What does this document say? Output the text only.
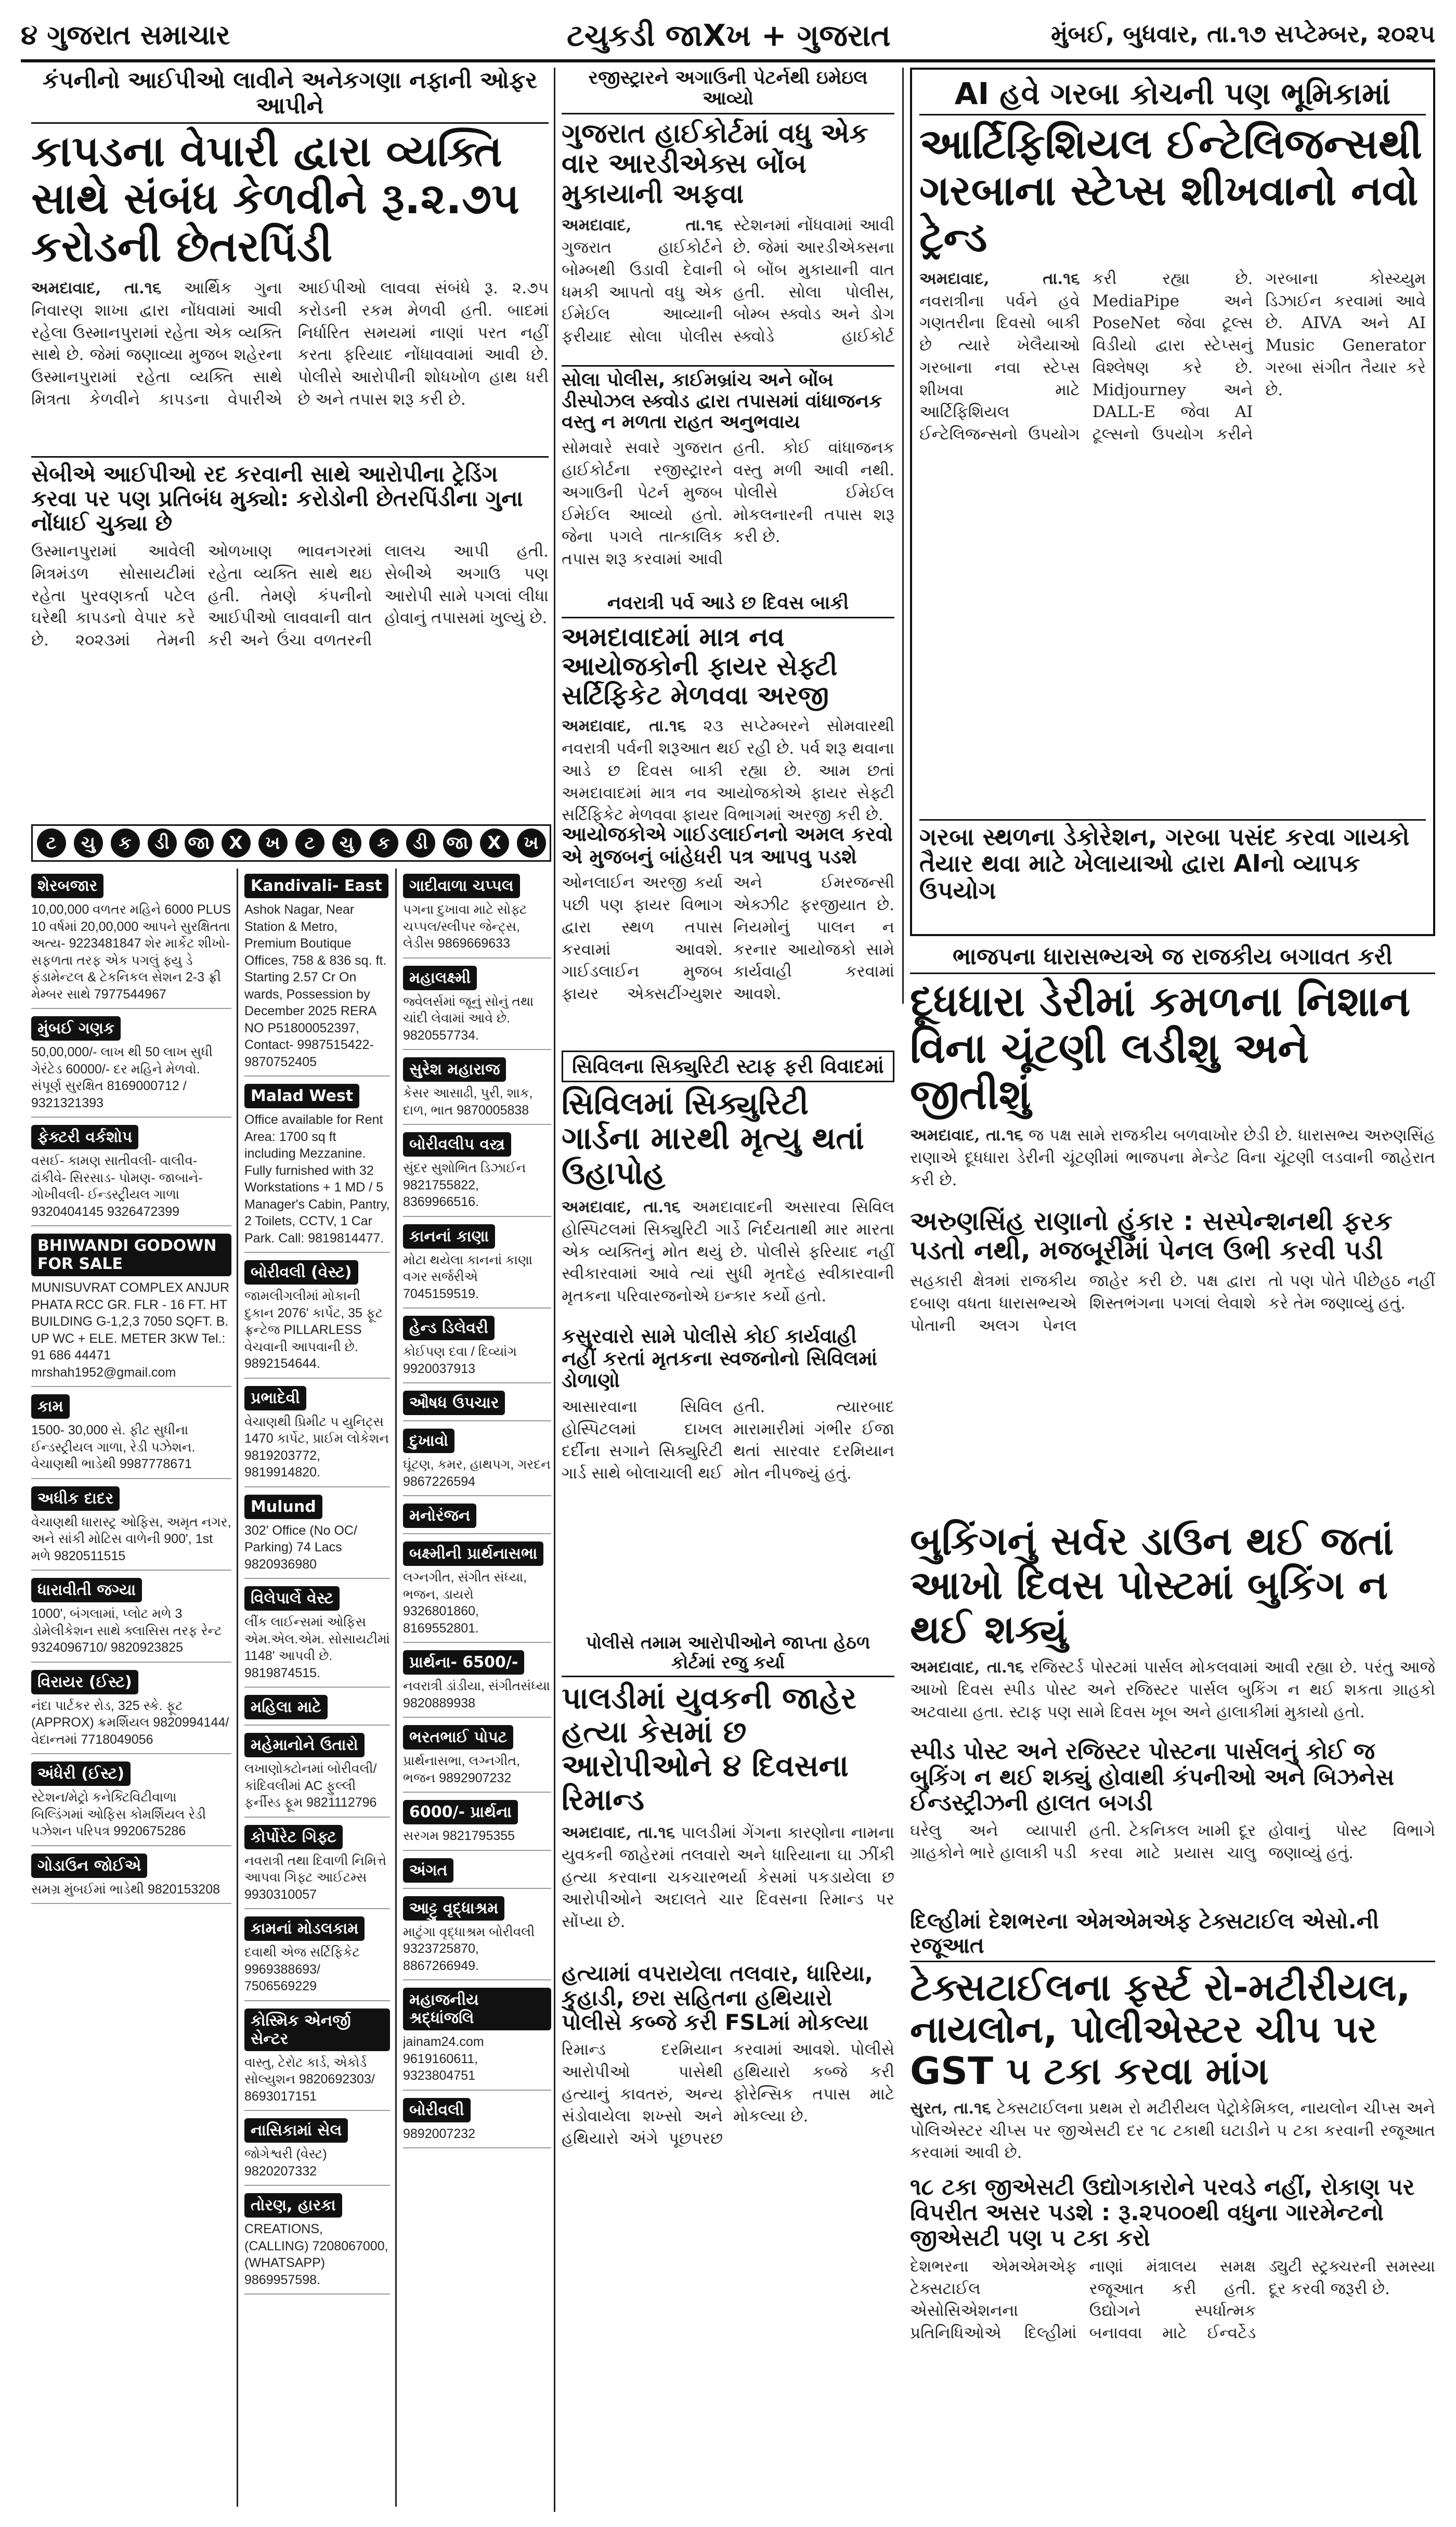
૪ ગુજરાત સમાચાર	ટચુકડી જાXખ + ગુજરાત	મુંબઈ, બુધવાર, તા.૧૭ સપ્ટેમ્બર, ૨૦૨૫
કંપનીનો આઈપીઓ લાવીને અનેકગણા નફાની ઓફર આપીને
કાપડના વેપારી દ્વારા વ્યક્તિ સાથે સંબંધ કેળવીને રૂ.૨.૭૫ કરોડની છેતરપિંડી
અમદાવાદ, તા.૧૬ આર્થિક ગુના નિવારણ શાખા દ્વારા નોંધવામાં આવી રહેલા ઉસ્માનપુરામાં રહેતા એક વ્યક્તિ સાથે છે. જેમાં જણાવ્યા મુજબ શહેરના ઉસ્માનપુરામાં રહેતા વ્યક્તિ સાથે મિત્રતા કેળવીને કાપડના વેપારીએ આઈપીઓ લાવવા સંબંધે રૂ. ૨.૭૫ કરોડની રકમ મેળવી હતી. બાદમાં નિર્ધારિત સમયમાં નાણાં પરત નહીં કરતા ફરિયાદ નોંધાવવામાં આવી છે. પોલીસે આરોપીની શોધખોળ હાથ ધરી છે અને તપાસ શરૂ કરી છે.
સેબીએ આઈપીઓ રદ કરવાની સાથે આરોપીના ટ્રેડિંગ કરવા પર પણ પ્રતિબંધ મુક્યો: કરોડોની છેતરપિંડીના ગુના નોંધાઈ ચુક્યા છે
ઉસ્માનપુરામાં આવેલી મિત્રમંડળ સોસાયટીમાં રહેતા પુરવણકર્તા પટેલ ઘરેથી કાપડનો વેપાર કરે છે. ૨૦૨૩માં તેમની ઓળખાણ ભાવનગરમાં રહેતા વ્યક્તિ સાથે થઇ હતી. તેમણે કંપનીનો આઈપીઓ લાવવાની વાત કરી અને ઉંચા વળતરની લાલચ આપી હતી. સેબીએ અગાઉ પણ આરોપી સામે પગલાં લીધા હોવાનું તપાસમાં ખુલ્યું છે.
રજીસ્ટ્રારને અગાઉની પેટર્નથી ઇમેઇલ આવ્યો
ગુજરાત હાઈકોર્ટમાં વધુ એક વાર આરડીએક્સ બોંબ મુકાયાની અફવા
અમદાવાદ, તા.૧૬ ગુજરાત હાઈકોર્ટને બોમ્બથી ઉડાવી દેવાની ધમકી આપતો વધુ એક ઈમેઈલ આવ્યાની ફરીયાદ સોલા પોલીસ સ્ટેશનમાં નોંધવામાં આવી છે. જેમાં આરડીએક્સના બે બોંબ મુકાયાની વાત હતી. સોલા પોલીસ, બોમ્બ સ્ક્વોડ અને ડોગ સ્ક્વોડે હાઈકોર્ટ
સોલા પોલીસ, કાઈમબ્રાંચ અને બોંબ ડીસ્પોઝલ સ્ક્વોડ દ્વારા તપાસમાં વાંધાજનક વસ્તુ ન મળતા રાહત અનુભવાય
સોમવારે સવારે ગુજરાત હાઈકોર્ટના રજીસ્ટ્રારને અગાઉની પેટર્ન મુજબ ઈમેઈલ આવ્યો હતો. જેના પગલે તાત્કાલિક તપાસ શરૂ કરવામાં આવી હતી. કોઈ વાંધાજનક વસ્તુ મળી આવી નથી. પોલીસે ઈમેઈલ મોકલનારની તપાસ શરૂ કરી છે.
નવરાત્રી પર્વ આડે છ દિવસ બાકી
અમદાવાદમાં માત્ર નવ આયોજકોની ફાયર સેફ્ટી સર્ટિફિકેટ મેળવવા અરજી
અમદાવાદ, તા.૧૬ ૨૩ સપ્ટેમ્બરને સોમવારથી નવરાત્રી પર્વની શરૂઆત થઈ રહી છે. પર્વ શરૂ થવાના આડે છ દિવસ બાકી રહ્યા છે. આમ છતાં અમદાવાદમાં માત્ર નવ આયોજકોએ ફાયર સેફ્ટી સર્ટિફિકેટ મેળવવા ફાયર વિભાગમાં અરજી કરી છે.
આયોજકોએ ગાઈડલાઈનનો અમલ કરવો એ મુજબનું બાંહેધરી પત્ર આપવુ પડશે
ઓનલાઈન અરજી કર્યા પછી પણ ફાયર વિભાગ દ્વારા સ્થળ તપાસ કરવામાં આવશે. ગાઈડલાઈન મુજબ ફાયર એક્સટીંગ્યુશર અને ઈમરજન્સી એક્ઝીટ ફરજીયાત છે. નિયમોનું પાલન ન કરનાર આયોજકો સામે કાર્યવાહી કરવામાં આવશે.
AI હવે ગરબા કોચની પણ ભૂમિકામાં
આર્ટિફિશિયલ ઈન્ટેલિજન્સથી ગરબાના સ્ટેપ્સ શીખવાનો નવો ટ્રેન્ડ
અમદાવાદ, તા.૧૬ નવરાત્રીના પર્વને હવે ગણતરીના દિવસો બાકી છે ત્યારે ખેલૈયાઓ ગરબાના નવા સ્ટેપ્સ શીખવા માટે આર્ટિફિશિયલ ઈન્ટેલિજન્સનો ઉપયોગ કરી રહ્યા છે. MediaPipe અને PoseNet જેવા ટૂલ્સ વિડીયો દ્વારા સ્ટેપ્સનું વિશ્લેષણ કરે છે. Midjourney અને DALL-E જેવા AI ટૂલ્સનો ઉપયોગ કરીને ગરબાના કોસ્ચ્યુમ ડિઝાઈન કરવામાં આવે છે. AIVA અને AI Music Generator ગરબા સંગીત તૈયાર કરે છે.
ગરબા સ્થળના ડેકોરેશન, ગરબા પસંદ કરવા ગાયકો તૈયાર થવા માટે ખેલાયાઓ દ્વારા AIનો વ્યાપક ઉપયોગ
ભાજપના ધારાસભ્યએ જ રાજકીય બગાવત કરી
દૂધધારા ડેરીમાં કમળના નિશાન વિના ચૂંટણી લડીશુ અને જીતીશું
અમદાવાદ, તા.૧૬ જ પક્ષ સામે રાજકીય બળવાખોર છેડી છે. ધારાસભ્ય અરુણસિંહ રાણાએ દૂધધારા ડેરીની ચૂંટણીમાં ભાજપના મેન્ડેટ વિના ચૂંટણી લડવાની જાહેરાત કરી છે.
અરુણસિંહ રાણાનો હુંકાર : સસ્પેન્શનથી ફરક પડતો નથી, મજબૂરીમાં પેનલ ઉભી કરવી પડી
સહકારી ક્ષેત્રમાં રાજકીય દબાણ વધતા ધારાસભ્યએ પોતાની અલગ પેનલ જાહેર કરી છે. પક્ષ દ્વારા શિસ્તભંગના પગલાં લેવાશે તો પણ પોતે પીછેહઠ નહીં કરે તેમ જણાવ્યું હતું.
સિવિલના સિક્યુરિટી સ્ટાફ ફરી વિવાદમાં
સિવિલમાં સિક્યુરિટી ગાર્ડના મારથી મૃત્યુ થતાં ઉહાપોહ
અમદાવાદ, તા.૧૬ અમદાવાદની અસારવા સિવિલ હોસ્પિટલમાં સિક્યુરિટી ગાર્ડે નિર્દયતાથી માર મારતા એક વ્યક્તિનું મોત થયું છે. પોલીસે ફરિયાદ નહીં સ્વીકારવામાં આવે ત્યાં સુધી મૃતદેહ સ્વીકારવાની મૃતકના પરિવારજનોએ ઇન્કાર કર્યો હતો.
કસુરવારો સામે પોલીસે કોઈ કાર્યવાહી નહીં કરતાં મૃતકના સ્વજનોનો સિવિલમાં ડોળાણો
આસારવાના સિવિલ હોસ્પિટલમાં દાખલ દર્દીના સગાને સિક્યુરિટી ગાર્ડ સાથે બોલાચાલી થઈ હતી. ત્યારબાદ મારામારીમાં ગંભીર ઈજા થતાં સારવાર દરમિયાન મોત નીપજ્યું હતું.
પોલીસે તમામ આરોપીઓને જાપ્તા હેઠળ કોર્ટમાં રજુ કર્યા
પાલડીમાં યુવકની જાહેર હત્યા કેસમાં છ આરોપીઓને ૪ દિવસના રિમાન્ડ
અમદાવાદ, તા.૧૬ પાલડીમાં ગેંગના કારણોના નામના યુવકની જાહેરમાં તલવારો અને ધારિયાના ઘા ઝીંકી હત્યા કરવાના ચકચારભર્યા કેસમાં પકડાયેલા છ આરોપીઓને અદાલતે ચાર દિવસના રિમાન્ડ પર સોંપ્યા છે.
હત્યામાં વપરાયેલા તલવાર, ધારિયા, કુહાડી, છરા સહિતના હથિયારો પોલીસે કબ્જે કરી FSLમાં મોકલ્યા
રિમાન્ડ દરમિયાન આરોપીઓ પાસેથી હત્યાનું કાવતરું, અન્ય સંડોવાયેલા શખ્સો અને હથિયારો અંગે પૂછપરછ કરવામાં આવશે. પોલીસે હથિયારો કબ્જે કરી ફોરેન્સિક તપાસ માટે મોકલ્યા છે.
બુકિંગનું સર્વર ડાઉન થઈ જતાં આખો દિવસ પોસ્ટમાં બુકિંગ ન થઈ શક્યું
અમદાવાદ, તા.૧૬ રજિસ્ટર્ડ પોસ્ટમાં પાર્સલ મોકલવામાં આવી રહ્યા છે. પરંતુ આજે આખો દિવસ સ્પીડ પોસ્ટ અને રજિસ્ટર પાર્સલ બુકિંગ ન થઈ શકતા ગ્રાહકો અટવાયા હતા. સ્ટાફ પણ સામે દિવસ ખૂબ અને હાલાકીમાં મુકાયો હતો.
સ્પીડ પોસ્ટ અને રજિસ્ટર પોસ્ટના પાર્સલનું કોઈ જ બુકિંગ ન થઈ શક્યું હોવાથી કંપનીઓ અને બિઝનેસ ઈન્ડસ્ટ્રીઝની હાલત બગડી
ઘરેલુ અને વ્યાપારી ગ્રાહકોને ભારે હાલાકી પડી હતી. ટેકનિકલ ખામી દૂર કરવા માટે પ્રયાસ ચાલુ હોવાનું પોસ્ટ વિભાગે જણાવ્યું હતું.
દિલ્હીમાં દેશભરના એમએમએફ ટેક્સટાઈલ એસો.ની રજૂઆત
ટેક્સટાઈલના ફર્સ્ટ રો-મટીરીયલ, નાયલોન, પોલીએસ્ટર ચીપ પર GST ૫ ટકા કરવા માંગ
સુરત, તા.૧૬ ટેક્સટાઈલના પ્રથમ રો મટીરીયલ પેટ્રોકેમિકલ, નાયલોન ચીપ્સ અને પોલિએસ્ટર ચીપ્સ પર જીએસટી દર ૧૮ ટકાથી ઘટાડીને ૫ ટકા કરવાની રજૂઆત કરવામાં આવી છે.
૧૮ ટકા જીએસટી ઉદ્યોગકારોને પરવડે નહીં, રોકાણ પર વિપરીત અસર પડશે : રૂ.૨૫૦૦થી વધુના ગારમેન્ટનો જીએસટી પણ ૫ ટકા કરો
દેશભરના એમએમએફ ટેક્સટાઈલ એસોસિએશનના પ્રતિનિધિઓએ દિલ્હીમાં નાણાં મંત્રાલય સમક્ષ રજૂઆત કરી હતી. ઉદ્યોગને સ્પર્ધાત્મક બનાવવા માટે ઈન્વર્ટેડ ડ્યુટી સ્ટ્રક્ચરની સમસ્યા દૂર કરવી જરૂરી છે.
ટ	ચુ	ક	ડી	જા	X	ખ	ટ	ચુ	ક	ડી	જા	X	ખ
શેરબજાર
10,00,000 વળતર મહિને 6000 PLUS 10 વર્ષમાં 20,00,000 આપને સુરક્ષિતતા અત્ય- 9223481847 શેર માર્કેટ શીખો- સફળતા તરફ એક પગલું ફ્યુ ડે ફંડામેન્ટલ & ટેકનિકલ સેશન 2-3 ફ્રી મેમ્બર સાથે 7977544967
મુંબઈ ગણક
50,00,000/- લાખ થી 50 લાખ સુધી ગેરંટેડ 60000/- દર મહિને મેળવો. સંપૂર્ણ સુરક્ષિત 8169000712 / 9321321393
ફેક્ટરી વર્કશોપ
વસઈ- કામણ સાતીવલી- વાલીવ- ઢાંકીવે- સિરસાડ- પોમણ- જાબાને- ગોખીવલી- ઈન્ડસ્ટ્રીયલ ગાળા 9320404145 9326472399
BHIWANDI GODOWN FOR SALE
MUNISUVRAT COMPLEX ANJUR PHATA RCC GR. FLR - 16 FT. HT BUILDING G-1,2,3 7050 SQFT. B. UP WC + ELE. METER 3KW Tel.: 91 686 44471 mrshah1952@gmail.com
કામ
1500- 30,000 સે. ફીટ સુધીના ઈન્ડસ્ટ્રીયલ ગાળા, રેડી પઝેશન. વેચાણથી ભાડેથી 9987778671
અધીક દાદર
વેચાણથી ધારાસ્ટ્ર ઓફિસ, અમૃત નગર, અને સાંકી મોટિસ વાળેની 900', 1st મળે 9820511515
ધારાવીતી જગ્યા
1000', બંગલામાં, પ્લોટ મળે 3 ડોમેલીકેશન સાથે ક્લાસિસ તરફ રેન્ટ 9324096710/ 9820923825
વિરાયર (ઈસ્ટ)
નંદા પાર્ટકર રોડ, 325 સ્કે. ફૂટ (APPROX) ક્રમર્શિયલ 9820994144/ વેદાન્તમાં 7718049056
અંધેરી (ઈસ્ટ)
સ્ટેશન/મેટ્રો કનેક્ટિવિટીવાળા બિલ્ડિંગમાં ઓફિસ કોમર્શિયલ રેડી પઝેશન પરિપત્ર 9920675286
ગોડાઉન જોઈએ
સમગ્ર મુંબઈમાં ભાડેથી 9820153208
Kandivali- East
Ashok Nagar, Near Station & Metro, Premium Boutique Offices, 758 & 836 sq. ft. Starting 2.57 Cr On wards, Possession by December 2025 RERA NO P51800052397, Contact- 9987515422- 9870752405
Malad West
Office available for Rent Area: 1700 sq ft including Mezzanine. Fully furnished with 32 Workstations + 1 MD / 5 Manager's Cabin, Pantry, 2 Toilets, CCTV, 1 Car Park. Call: 9819814477.
બોરીવલી (વેસ્ટ)
જામલીગલીમાં મોકાની દુકાન 2076' કાર્પેટ, 35 ફૂટ ફ્રન્ટેજ PILLARLESS વેચવાની આપવાની છે. 9892154644.
પ્રભાદેવી
વેચાણથી પ્રિમીટ ૫ યુનિટ્સ 1470 કાર્પેટ, પ્રાઈમ લોકેશન 9819203772, 9819914820.
Mulund
302' Office (No OC/ Parking) 74 Lacs 9820936980
વિલેપાર્લે વેસ્ટ
લીંક લાઈન્સમાં ઓફિસ એમ.એલ.એમ. સોસાયટીમાં 1148' આપવી છે. 9819874515.
મહિલા માટે
મહેમાનોને ઉતારો
લખાણોક્ટોનમાં બોરીવલી/ કાંદિવલીમાં AC ફુલ્લી ફર્નીસ્ડ ફૂમ 9821112796
કોર્પોરેટ ગિફ્ટ
નવરાત્રી તથા દિવાળી નિમિત્તે આપવા ગિફ્ટ આઈટમ્સ 9930310057
કામનાં મોડલકામ
દવાથી એજ સર્ટિફિકેટ 9969388693/ 7506569229
કોસ્મિક એનર્જી સેન્ટર
વાસ્તુ, ટેરોટ કાર્ડ, એકોર્ડ સોલ્યુશન 9820692303/ 8693017151
નાસિકામાં સેલ
જોગેશ્વરી (વેસ્ટ) 9820207332
તોરણ, હારકા
CREATIONS, (CALLING) 7208067000, (WHATSAPP) 9869957598.
ગાદીવાળા ચપ્પલ
પગના દુખાવા માટે સોફ્ટ ચપ્પલ/સ્લીપર જેન્ટ્સ, લેડીસ 9869669633
મહાલક્ષ્મી
જ્વેલર્સમાં જૂનું સોનું તથા ચાંદી લેવામાં આવે છે. 9820557734.
સુરેશ મહારાજ
કેસર આસાઢી, પુરી, શાક, દાળ, ભાત 9870005838
બોરીવલીપ વસ્ત્ર
સુંદર સુશોભિત ડિઝાઈન 9821755822, 8369966516.
કાનનાં કાણા
મોટા થયેલા કાનનાં કાણા વગર સર્જરીએ 7045159519.
હેન્ડ ડિલેવરી
કોઈપણ દવા / દિવ્યાંગ 9920037913
ઔષધ ઉપચાર
દુખાવો
ઘૂંટણ, કમર, હાથપગ, ગરદન 9867226594
મનોરંજન
બક્ષ્મીની પ્રાર્થનાસભા
લગ્નગીત, સંગીત સંધ્યા, ભજન, ડાયરો 9326801860, 8169552801.
પ્રાર્થના- 6500/-
નવરાત્રી ડાંડીયા, સંગીતસંધ્યા 9820889938
ભરતભાઈ પોપટ
પ્રાર્થનાસભા, લગ્નગીત, ભજન 9892907232
6000/- પ્રાર્થના
સરગમ 9821795355
અંગત
આટ્ટુ વૃદ્ધાશ્રમ
માટુંગા વૃદ્ધાશ્રમ બોરીવલી 9323725870, 8867266949.
મહાજનીય શ્રદ્ધાંજલિ
jainam24.com 9619160611, 9323804751
બોરીવલી
9892007232
